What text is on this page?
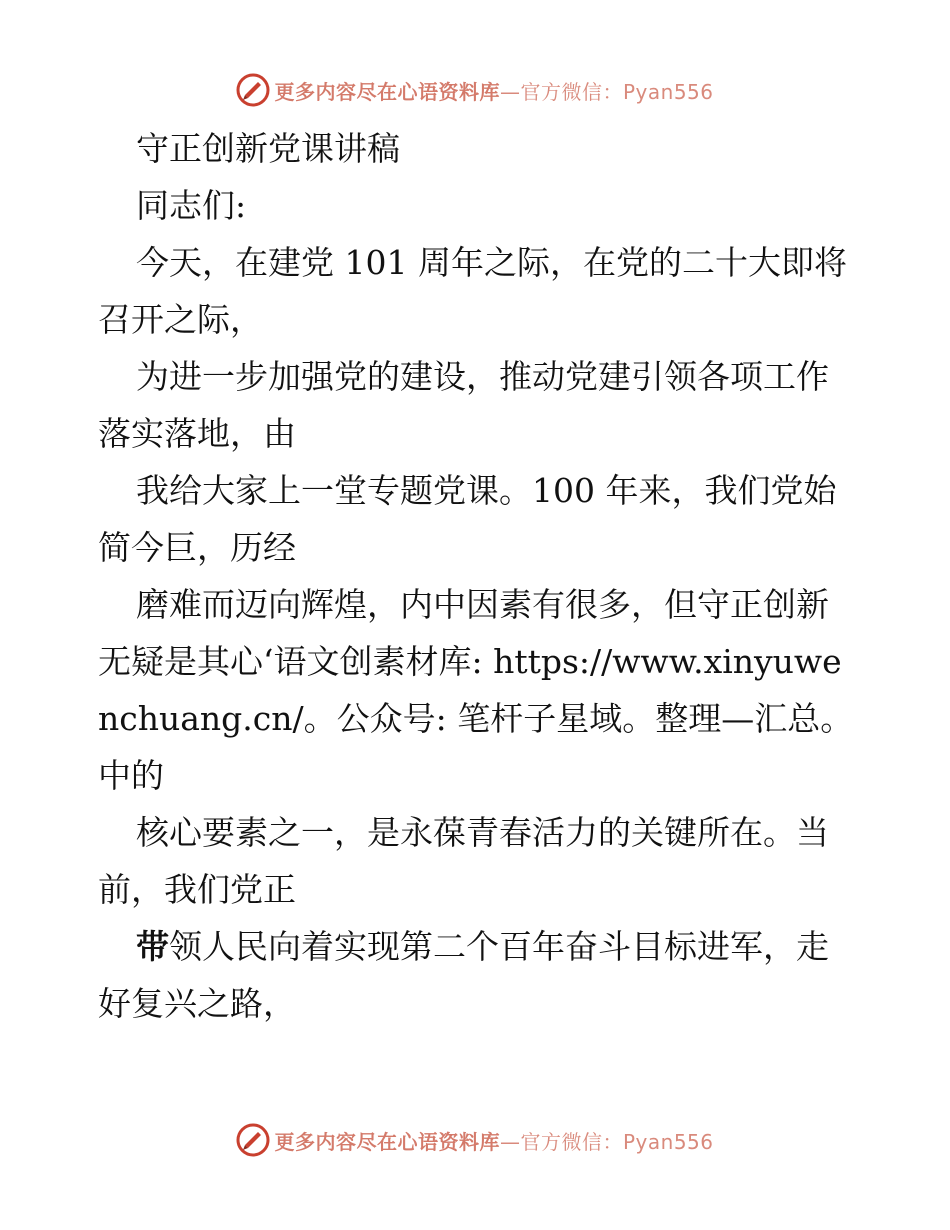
更多内容尽在心语资料库—官方微信：Pyan556

守正创新党课讲稿

同志们:

今天，在建党 101 周年之际，在党的二十大即将召开之际，

为进一步加强党的建设，推动党建引领各项工作落实落地，由

我给大家上一堂专题党课。100 年来，我们党始简今巨，历经

磨难而迈向辉煌，内中因素有很多，但守正创新无疑是其心‘语文创素材库: https://www.xinyuwenchuang.cn/。公众号: 笔杆子星域。整理—汇总。中的

核心要素之一，是永葆青春活力的关键所在。当前，我们党正

带领人民向着实现第二个百年奋斗目标进军，走好复兴之路，

更多内容尽在心语资料库—官方微信：Pyan556
